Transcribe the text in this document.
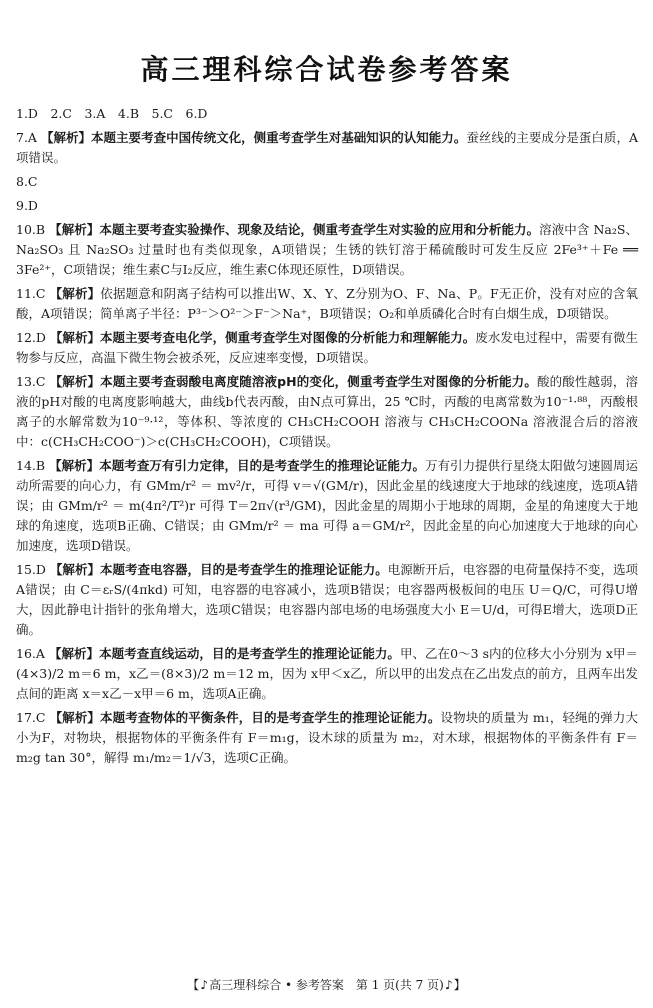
高三理科综合试卷参考答案
1.D　2.C　3.A　4.B　5.C　6.D
7.A 【解析】本题主要考查中国传统文化，侧重考查学生对基础知识的认知能力。蚕丝线的主要成分是蛋白质，A项错误。
8.C
9.D
10.B 【解析】本题主要考查实验操作、现象及结论，侧重考查学生对实验的应用和分析能力。溶液中含 Na₂S、Na₂SO₃ 且 Na₂SO₃ 过量时也有类似现象，A项错误；生锈的铁钉溶于稀硫酸时可发生反应 2Fe³⁺＋Fe ══ 3Fe²⁺，C项错误；维生素C与I₂反应，维生素C体现还原性，D项错误。
11.C 【解析】依据题意和阴离子结构可以推出W、X、Y、Z分别为O、F、Na、P。F无正价，没有对应的含氧酸，A项错误；简单离子半径：P³⁻＞O²⁻＞F⁻＞Na⁺，B项错误；O₂和单质磷化合时有白烟生成，D项错误。
12.D 【解析】本题主要考查电化学，侧重考查学生对图像的分析能力和理解能力。废水发电过程中，需要有微生物参与反应，高温下微生物会被杀死，反应速率变慢，D项错误。
13.C 【解析】本题主要考查弱酸电离度随溶液pH的变化，侧重考查学生对图像的分析能力。酸的酸性越弱，溶液的pH对酸的电离度影响越大，曲线b代表丙酸，由N点可算出，25 ℃时，丙酸的电离常数为10⁻¹·⁸⁸，丙酸根离子的水解常数为10⁻⁹·¹²，等体积、等浓度的 CH₃CH₂COOH 溶液与 CH₃CH₂COONa 溶液混合后的溶液中：c(CH₃CH₂COO⁻)＞c(CH₃CH₂COOH)，C项错误。
14.B 【解析】本题考查万有引力定律，目的是考查学生的推理论证能力。万有引力提供行星绕太阳做匀速圆周运动所需要的向心力，有 GMm/r² ＝ mv²/r，可得 v＝√(GM/r)，因此金星的线速度大于地球的线速度，选项A错误；由 GMm/r² ＝ m(4π²/T²)r 可得 T＝2π√(r³/GM)，因此金星的周期小于地球的周期，金星的角速度大于地球的角速度，选项B正确、C错误；由 GMm/r² ＝ ma 可得 a＝GM/r²，因此金星的向心加速度大于地球的向心加速度，选项D错误。
15.D 【解析】本题考查电容器，目的是考查学生的推理论证能力。电源断开后，电容器的电荷量保持不变，选项A错误；由 C＝εᵣS/(4πkd) 可知，电容器的电容减小，选项B错误；电容器两极板间的电压 U＝Q/C，可得U增大，因此静电计指针的张角增大，选项C错误；电容器内部电场的电场强度大小 E＝U/d，可得E增大，选项D正确。
16.A 【解析】本题考查直线运动，目的是考查学生的推理论证能力。甲、乙在0～3 s内的位移大小分别为 x甲＝(4×3)/2 m＝6 m，x乙＝(8×3)/2 m＝12 m，因为 x甲＜x乙，所以甲的出发点在乙出发点的前方，且两车出发点间的距离 x＝x乙－x甲＝6 m，选项A正确。
17.C 【解析】本题考查物体的平衡条件，目的是考查学生的推理论证能力。设物块的质量为 m₁，轻绳的弹力大小为F，对物块，根据物体的平衡条件有 F＝m₁g，设木球的质量为 m₂，对木球，根据物体的平衡条件有 F＝m₂g tan 30°，解得 m₁/m₂＝1/√3，选项C正确。
【♪高三理科综合 • 参考答案　第 1 页(共 7 页)♪】
